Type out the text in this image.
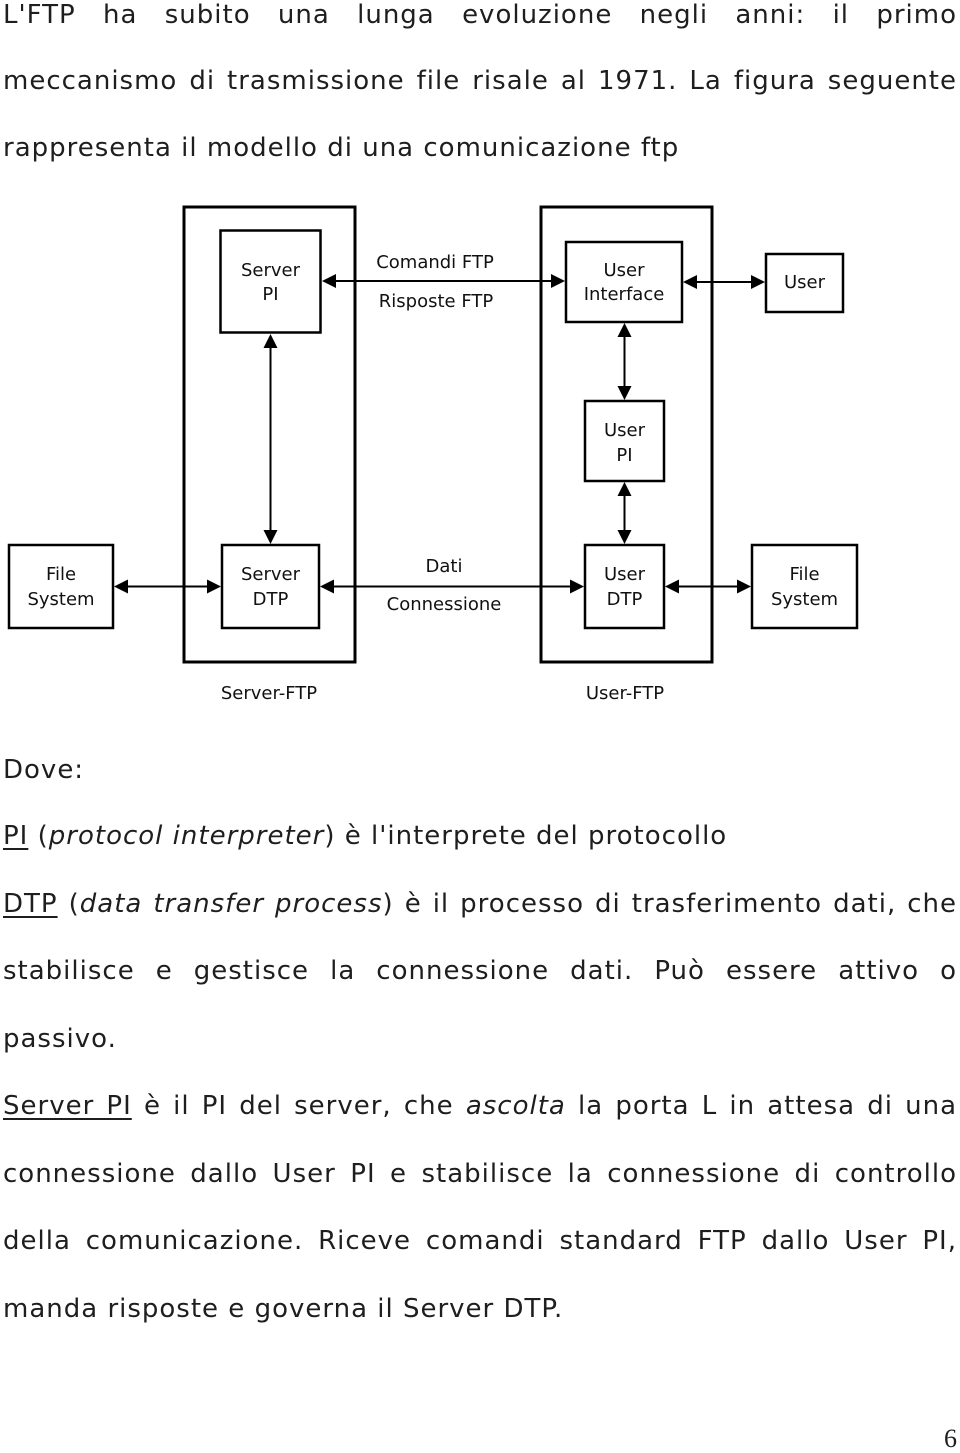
Server-FTP	User-FTP
Server
PI
Server
DTP
User
Interface
User
User
PI
User
DTP
File
System
File
System
Comandi FTP
Risposte FTP
Dati
Connessione
L'FTP ha subito una lunga evoluzione negli anni: il primo
meccanismo di trasmissione file risale al 1971. La figura seguente
rappresenta il modello di una comunicazione ftp
Dove:
PI (protocol interpreter) è l'interprete del protocollo
DTP (data transfer process) è il processo di trasferimento dati, che
stabilisce e gestisce la connessione dati. Può essere attivo o
passivo.
Server PI è il PI del server, che ascolta la porta L in attesa di una
connessione dallo User PI e stabilisce la connessione di controllo
della comunicazione. Riceve comandi standard FTP dallo User PI,
manda risposte e governa il Server DTP.
6
